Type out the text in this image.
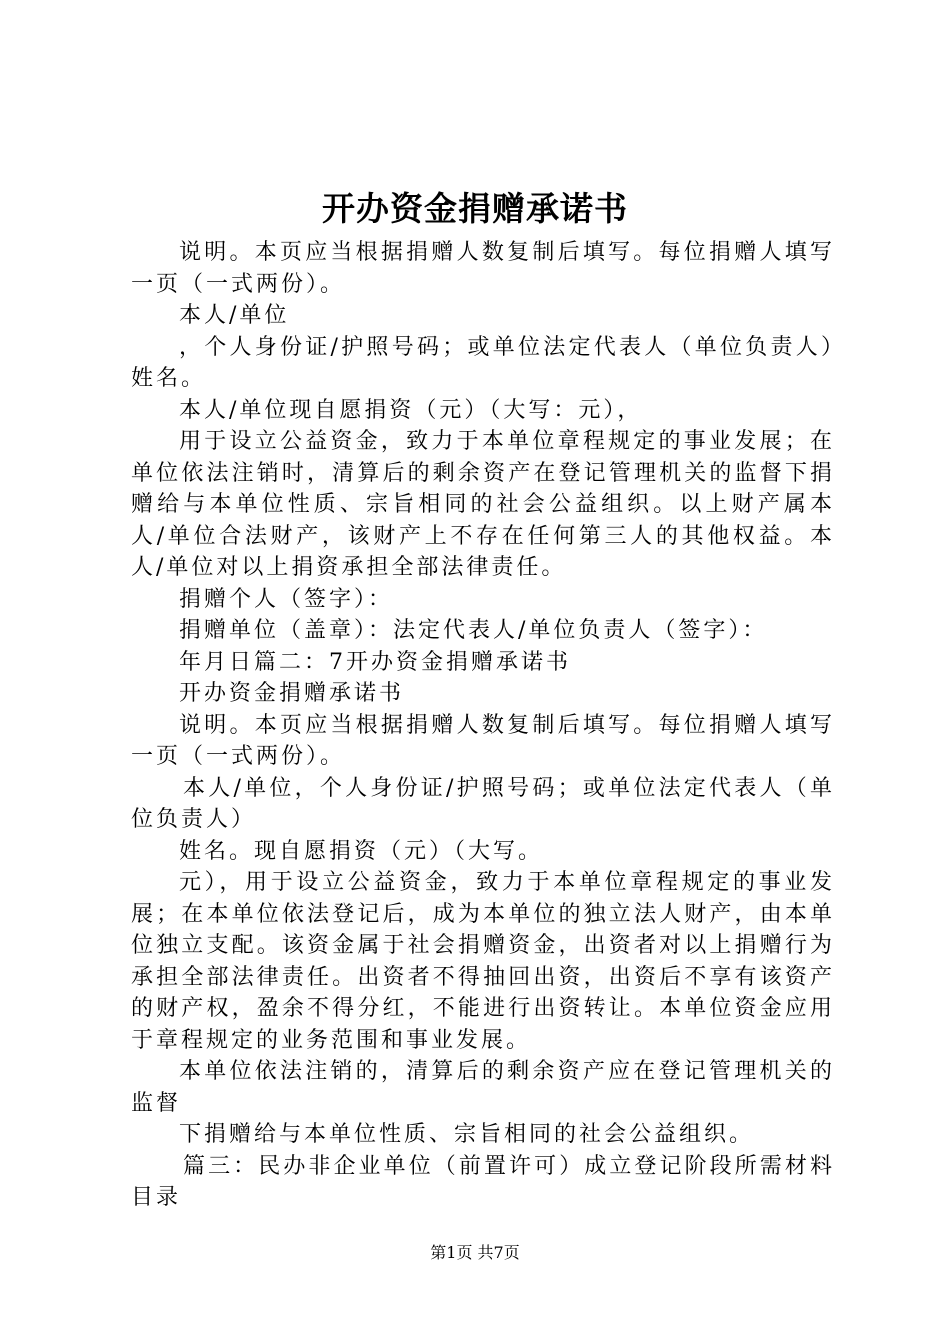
开办资金捐赠承诺书

说明。本页应当根据捐赠人数复制后填写。每位捐赠人填写一页（一式两份）。

本人/单位

，个人身份证/护照号码；或单位法定代表人（单位负责人）姓名。

本人/单位现自愿捐资（元）（大写：元），

用于设立公益资金，致力于本单位章程规定的事业发展；在单位依法注销时，清算后的剩余资产在登记管理机关的监督下捐赠给与本单位性质、宗旨相同的社会公益组织。以上财产属本人/单位合法财产，该财产上不存在任何第三人的其他权益。本人/单位对以上捐资承担全部法律责任。

捐赠个人（签字）：

捐赠单位（盖章）：法定代表人/单位负责人（签字）：

年月日篇二：7开办资金捐赠承诺书

开办资金捐赠承诺书

说明。本页应当根据捐赠人数复制后填写。每位捐赠人填写一页（一式两份）。

本人/单位，个人身份证/护照号码；或单位法定代表人（单位负责人）

姓名。现自愿捐资（元）（大写。

元），用于设立公益资金，致力于本单位章程规定的事业发展；在本单位依法登记后，成为本单位的独立法人财产，由本单位独立支配。该资金属于社会捐赠资金，出资者对以上捐赠行为承担全部法律责任。出资者不得抽回出资，出资后不享有该资产的财产权，盈余不得分红，不能进行出资转让。本单位资金应用于章程规定的业务范围和事业发展。

本单位依法注销的，清算后的剩余资产应在登记管理机关的监督

下捐赠给与本单位性质、宗旨相同的社会公益组织。

篇三：民办非企业单位（前置许可）成立登记阶段所需材料目录

第1页 共7页
